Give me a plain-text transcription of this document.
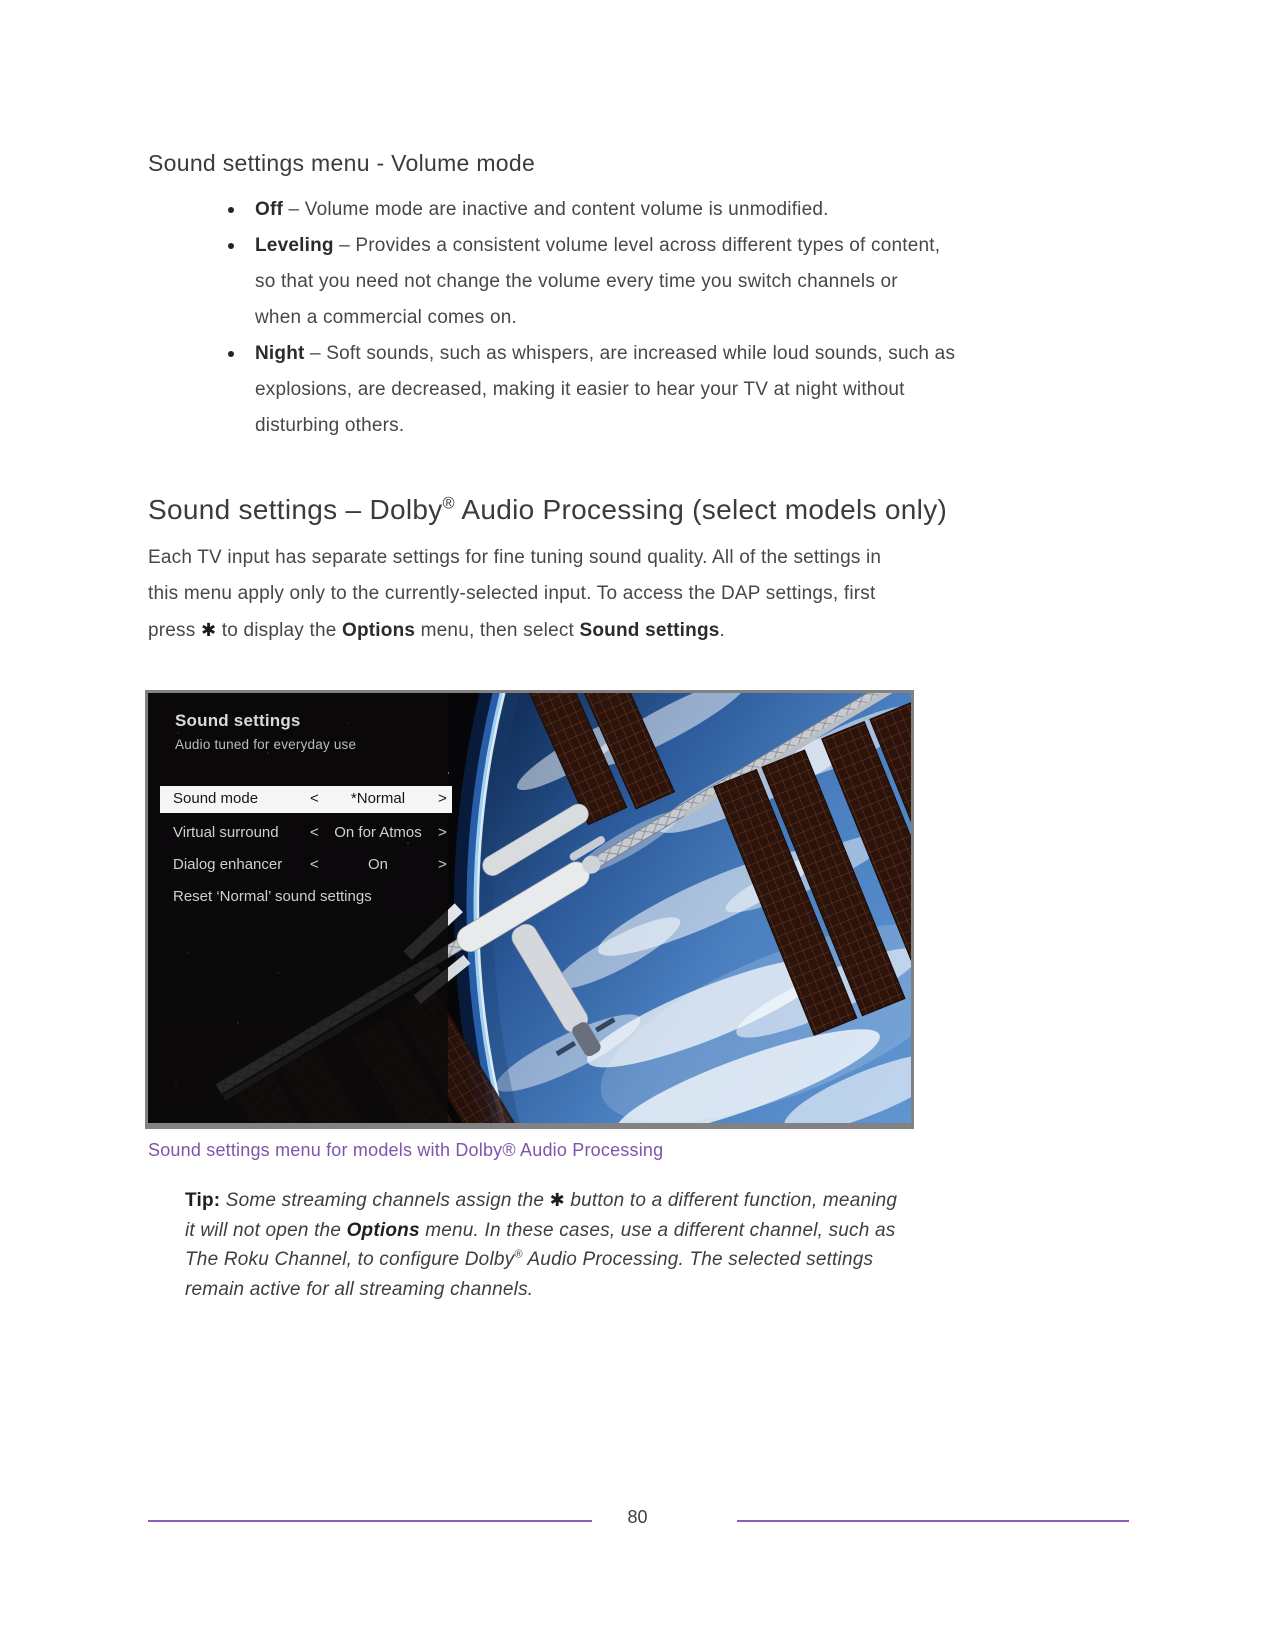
Sound settings menu - Volume mode
Off – Volume mode are inactive and content volume is unmodified.
Leveling – Provides a consistent volume level across different types of content,
so that you need not change the volume every time you switch channels or
when a commercial comes on.
Night – Soft sounds, such as whispers, are increased while loud sounds, such as
explosions, are decreased, making it easier to hear your TV at night without
disturbing others.
Sound settings – Dolby® Audio Processing (select models only)
Each TV input has separate settings for fine tuning sound quality. All of the settings in
this menu apply only to the currently-selected input. To access the DAP settings, first
press ✱ to display the Options menu, then select Sound settings.
Sound settings
Audio tuned for everyday use
Sound mode	<	*Normal	>
Virtual surround <	On for Atmos	>
Dialog enhancer <	On	>
Reset ‘Normal’ sound settings
Sound settings menu for models with Dolby® Audio Processing
Tip: Some streaming channels assign the ✱ button to a different function, meaning
it will not open the Options menu. In these cases, use a different channel, such as
The Roku Channel, to configure Dolby® Audio Processing. The selected settings
remain active for all streaming channels.
80
